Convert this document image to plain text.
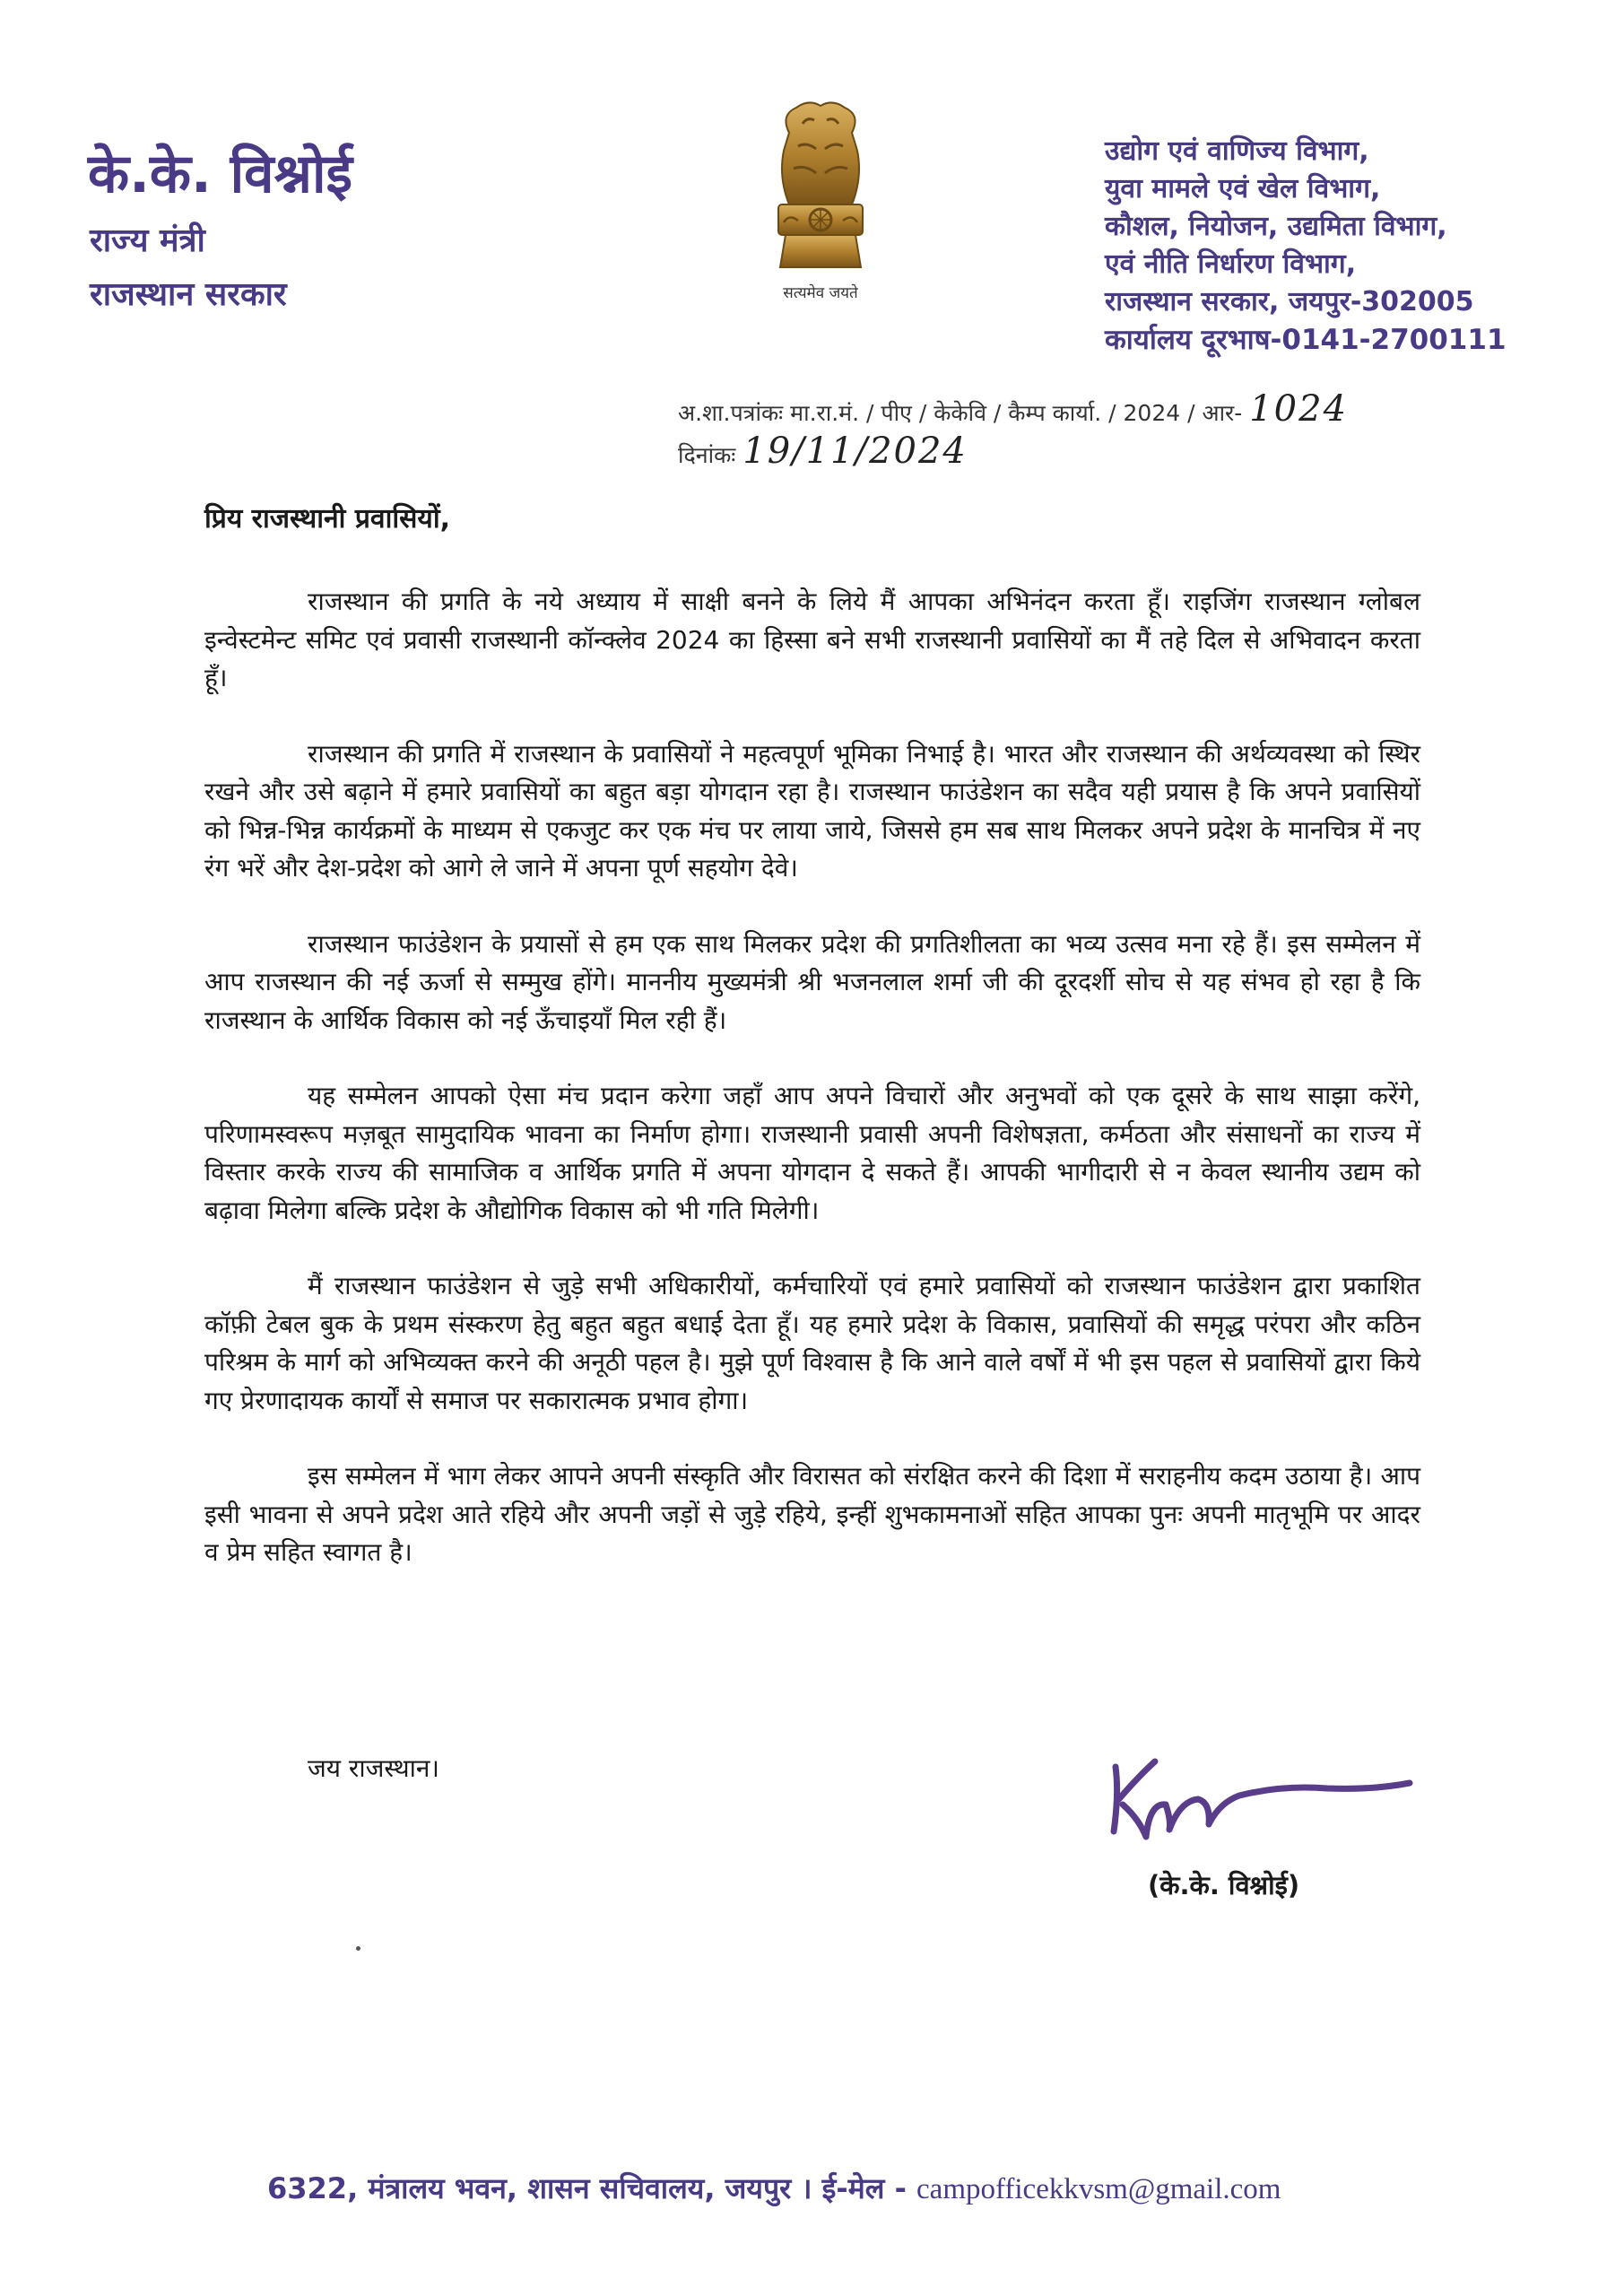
के.के. विश्नोई
राज्य मंत्री
राजस्थान सरकार	सत्यमेव जयते
उद्योग एवं वाणिज्य विभाग,
युवा मामले एवं खेल विभाग,
कौशल, नियोजन, उद्यमिता विभाग,
एवं नीति निर्धारण विभाग,
राजस्थान सरकार, जयपुर-302005
कार्यालय दूरभाष-0141-2700111
अ.शा.पत्रांकः मा.रा.मं. / पीए / केकेवि / कैम्प कार्या. / 2024 / आर- 1024
दिनांकः 19/11/2024
प्रिय राजस्थानी प्रवासियों,

राजस्थान की प्रगति के नये अध्याय में साक्षी बनने के लिये मैं आपका अभिनंदन करता हूँ। राइजिंग राजस्थान ग्लोबल इन्वेस्टमेन्ट समिट एवं प्रवासी राजस्थानी कॉन्क्लेव 2024 का हिस्सा बने सभी राजस्थानी प्रवासियों का मैं तहे दिल से अभिवादन करता हूँ।

राजस्थान की प्रगति में राजस्थान के प्रवासियों ने महत्वपूर्ण भूमिका निभाई है। भारत और राजस्थान की अर्थव्यवस्था को स्थिर रखने और उसे बढ़ाने में हमारे प्रवासियों का बहुत बड़ा योगदान रहा है। राजस्थान फाउंडेशन का सदैव यही प्रयास है कि अपने प्रवासियों को भिन्न-भिन्न कार्यक्रमों के माध्यम से एकजुट कर एक मंच पर लाया जाये, जिससे हम सब साथ मिलकर अपने प्रदेश के मानचित्र में नए रंग भरें और देश-प्रदेश को आगे ले जाने में अपना पूर्ण सहयोग देवे।

राजस्थान फाउंडेशन के प्रयासों से हम एक साथ मिलकर प्रदेश की प्रगतिशीलता का भव्य उत्सव मना रहे हैं। इस सम्मेलन में आप राजस्थान की नई ऊर्जा से सम्मुख होंगे। माननीय मुख्यमंत्री श्री भजनलाल शर्मा जी की दूरदर्शी सोच से यह संभव हो रहा है कि राजस्थान के आर्थिक विकास को नई ऊँचाइयाँ मिल रही हैं।

यह सम्मेलन आपको ऐसा मंच प्रदान करेगा जहाँ आप अपने विचारों और अनुभवों को एक दूसरे के साथ साझा करेंगे, परिणामस्वरूप मज़बूत सामुदायिक भावना का निर्माण होगा। राजस्थानी प्रवासी अपनी विशेषज्ञता, कर्मठता और संसाधनों का राज्य में विस्तार करके राज्य की सामाजिक व आर्थिक प्रगति में अपना योगदान दे सकते हैं। आपकी भागीदारी से न केवल स्थानीय उद्यम को बढ़ावा मिलेगा बल्कि प्रदेश के औद्योगिक विकास को भी गति मिलेगी।

मैं राजस्थान फाउंडेशन से जुड़े सभी अधिकारीयों, कर्मचारियों एवं हमारे प्रवासियों को राजस्थान फाउंडेशन द्वारा प्रकाशित कॉफ़ी टेबल बुक के प्रथम संस्करण हेतु बहुत बहुत बधाई देता हूँ। यह हमारे प्रदेश के विकास, प्रवासियों की समृद्ध परंपरा और कठिन परिश्रम के मार्ग को अभिव्यक्त करने की अनूठी पहल है। मुझे पूर्ण विश्वास है कि आने वाले वर्षों में भी इस पहल से प्रवासियों द्वारा किये गए प्रेरणादायक कार्यों से समाज पर सकारात्मक प्रभाव होगा।

इस सम्मेलन में भाग लेकर आपने अपनी संस्कृति और विरासत को संरक्षित करने की दिशा में सराहनीय कदम उठाया है। आप इसी भावना से अपने प्रदेश आते रहिये और अपनी जड़ों से जुड़े रहिये, इन्हीं शुभकामनाओं सहित आपका पुनः अपनी मातृभूमि पर आदर व प्रेम सहित स्वागत है।

जय राजस्थान।
(के.के. विश्नोई)
6322, मंत्रालय भवन, शासन सचिवालय, जयपुर । ई-मेल - campofficekkvsm@gmail.com
